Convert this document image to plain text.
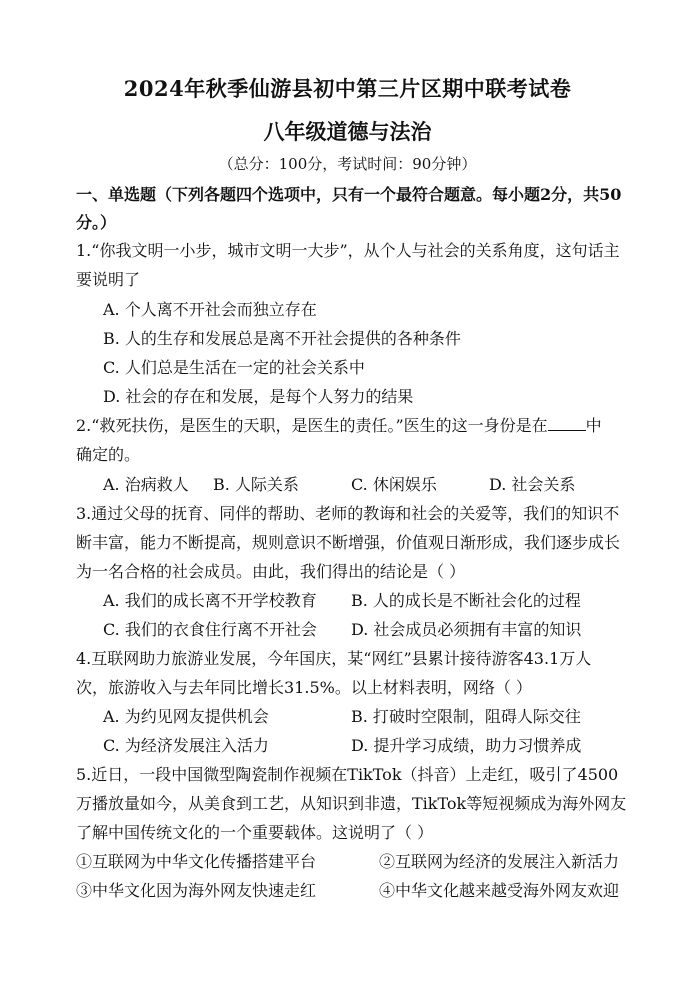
2024年秋季仙游县初中第三片区期中联考试卷
八年级道德与法治
（总分：100分，考试时间：90分钟）
一、单选题（下列各题四个选项中，只有一个最符合题意。每小题2分，共50
分。）
1.“你我文明一小步，城市文明一大步”，从个人与社会的关系角度，这句话主
要说明了
A. 个人离不开社会而独立存在
B. 人的生存和发展总是离不开社会提供的各种条件
C. 人们总是生活在一定的社会关系中
D. 社会的存在和发展，是每个人努力的结果
2.“救死扶伤，是医生的天职，是医生的责任。”医生的这一身份是在 中
确定的。
A. 治病救人 B. 人际关系	C. 休闲娱乐	D. 社会关系
3.通过父母的抚育、同伴的帮助、老师的教诲和社会的关爱等，我们的知识不
断丰富，能力不断提高，规则意识不断增强，价值观日渐形成，我们逐步成长
为一名合格的社会成员。由此，我们得出的结论是（ ）
A. 我们的成长离不开学校教育 B. 人的成长是不断社会化的过程
C. 我们的衣食住行离不开社会 D. 社会成员必须拥有丰富的知识
4.互联网助力旅游业发展，今年国庆，某“网红”县累计接待游客43.1万人
次，旅游收入与去年同比增长31.5%。以上材料表明，网络（ ）
A. 为约见网友提供机会	B. 打破时空限制，阻碍人际交往
C. 为经济发展注入活力	D. 提升学习成绩，助力习惯养成
5.近日，一段中国微型陶瓷制作视频在TikTok（抖音）上走红，吸引了4500
万播放量如今，从美食到工艺，从知识到非遗，TikTok等短视频成为海外网友
了解中国传统文化的一个重要载体。这说明了（ ）
①互联网为中华文化传播搭建平台	②互联网为经济的发展注入新活力
③中华文化因为海外网友快速走红	④中华文化越来越受海外网友欢迎
